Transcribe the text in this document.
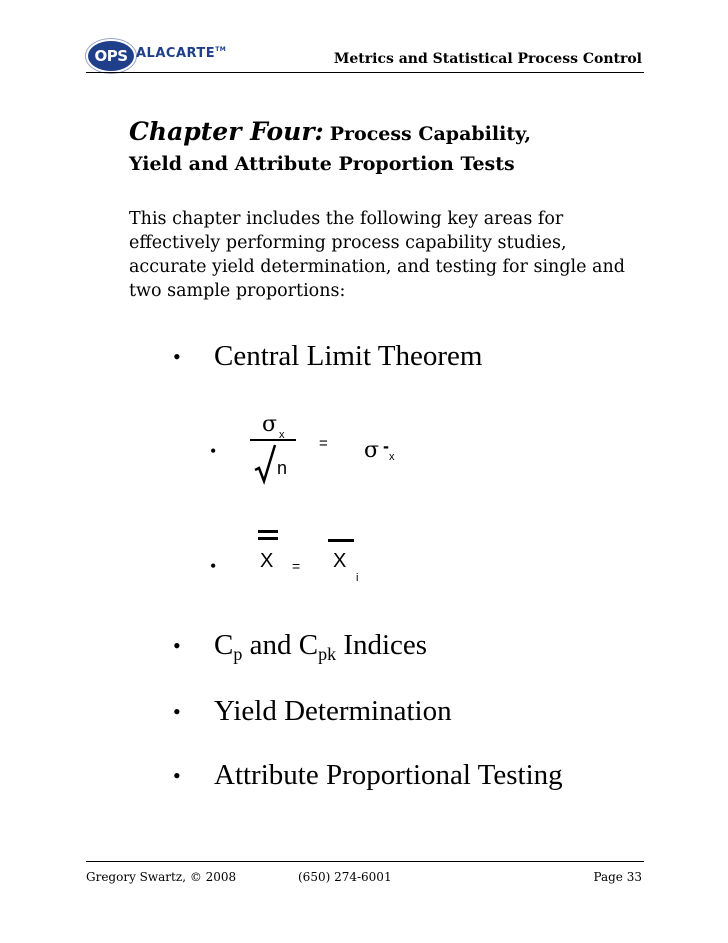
OPS ALACARTE™
Metrics and Statistical Process Control
Chapter Four: Process Capability,
Yield and Attribute Proportion Tests
This chapter includes the following key areas for effectively performing process capability studies, accurate yield determination, and testing for single and two sample proportions:
• Central Limit Theorem
•
σ x
n
= σ -
x
• X = X
i
• $C_p$ and $C_{pk}$ Indices
• Yield Determination
• Attribute Proportional Testing
Gregory Swartz, © 2008	(650) 274-6001	Page 33
